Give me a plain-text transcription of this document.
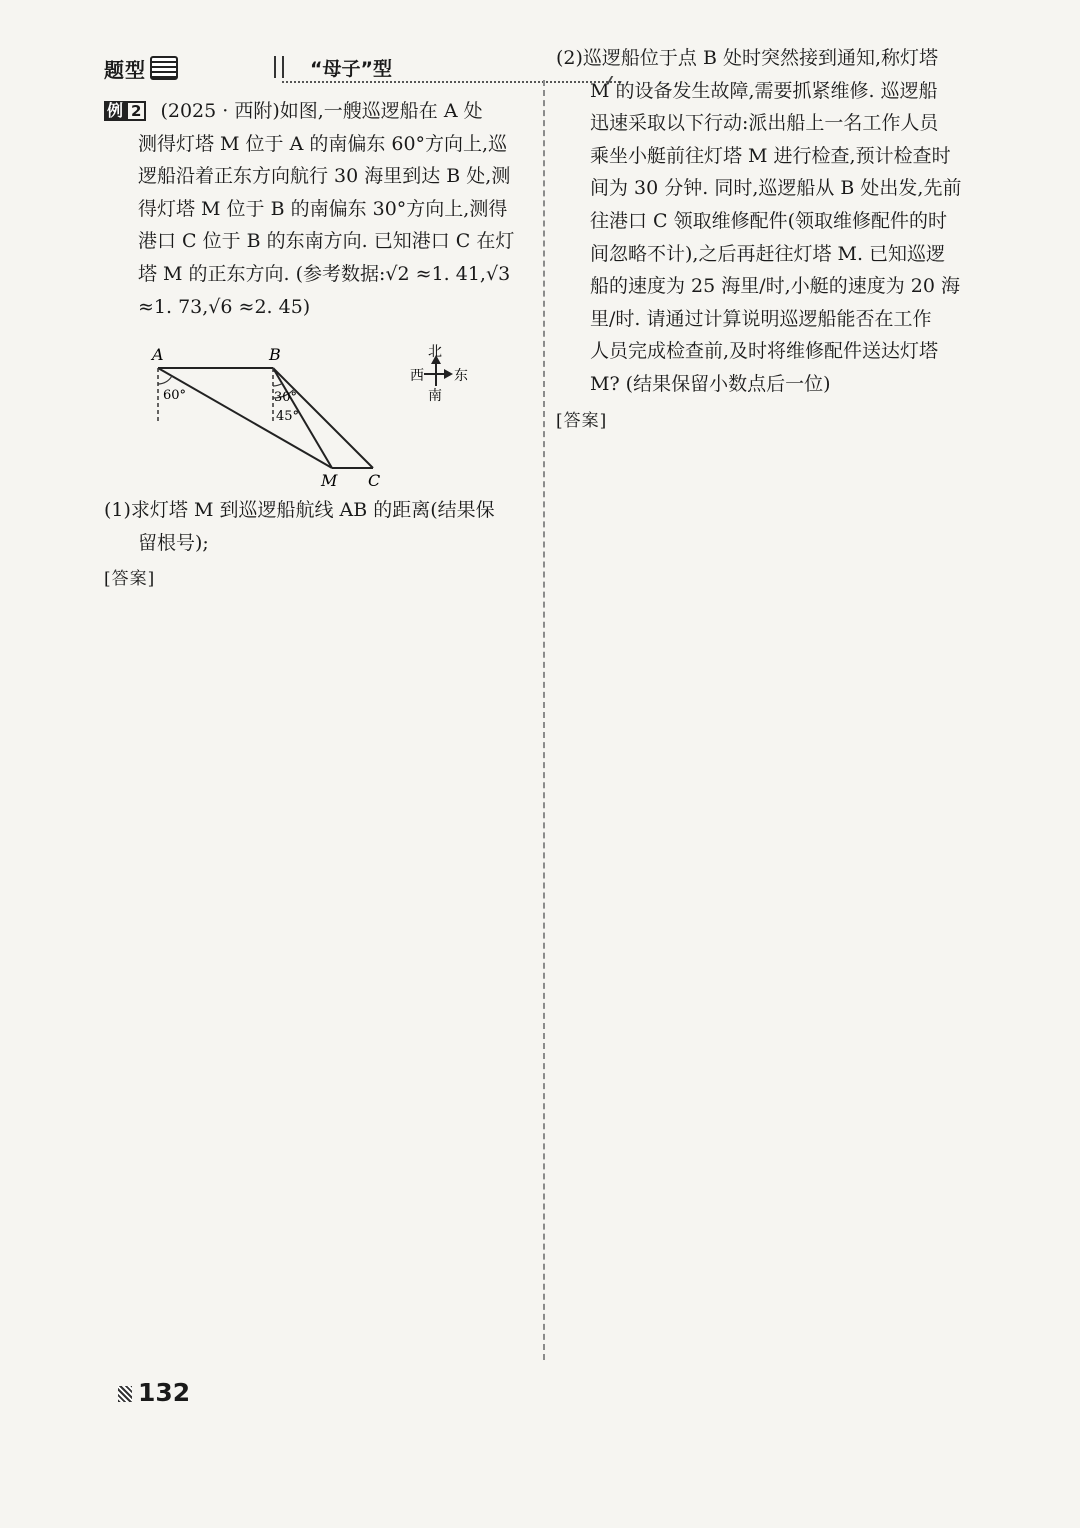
题型	“母子”型
例 2 (2025 · 西附)如图,一艘巡逻船在 A 处
测得灯塔 M 位于 A 的南偏东 60°方向上,巡
逻船沿着正东方向航行 30 海里到达 B 处,测
得灯塔 M 位于 B 的南偏东 30°方向上,测得
港口 C 位于 B 的东南方向. 已知港口 C 在灯
塔 M 的正东方向. (参考数据:√2 ≈1. 41,√3
≈1. 73,√6 ≈2. 45)
A	B
M C
60°	30°
45°
北
西 东
南
(1)求灯塔 M 到巡逻船航线 AB 的距离(结果保
留根号);
[答案]
(2)巡逻船位于点 B 处时突然接到通知,称灯塔
M 的设备发生故障,需要抓紧维修. 巡逻船
迅速采取以下行动:派出船上一名工作人员
乘坐小艇前往灯塔 M 进行检查,预计检查时
间为 30 分钟. 同时,巡逻船从 B 处出发,先前
往港口 C 领取维修配件(领取维修配件的时
间忽略不计),之后再赶往灯塔 M. 已知巡逻
船的速度为 25 海里/时,小艇的速度为 20 海
里/时. 请通过计算说明巡逻船能否在工作
人员完成检查前,及时将维修配件送达灯塔
M? (结果保留小数点后一位)
[答案]
132
